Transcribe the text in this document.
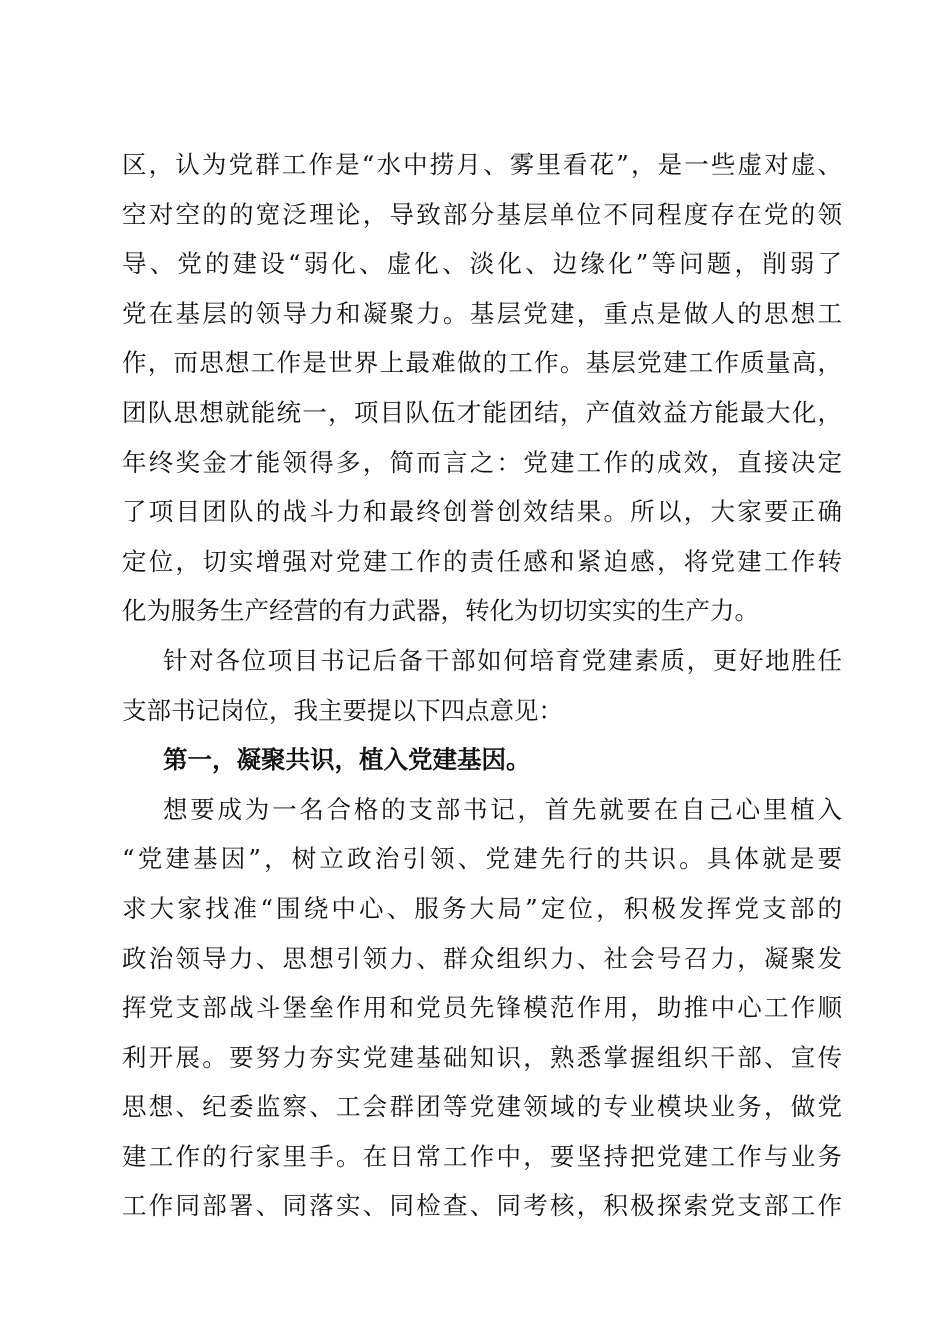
区，认为党群工作是“水中捞月、雾里看花”，是一些虚对虚、
空对空的的宽泛理论，导致部分基层单位不同程度存在党的领
导、党的建设“弱化、虚化、淡化、边缘化”等问题，削弱了
党在基层的领导力和凝聚力。基层党建，重点是做人的思想工
作，而思想工作是世界上最难做的工作。基层党建工作质量高，
团队思想就能统一，项目队伍才能团结，产值效益方能最大化，
年终奖金才能领得多，简而言之：党建工作的成效，直接决定
了项目团队的战斗力和最终创誉创效结果。所以，大家要正确
定位，切实增强对党建工作的责任感和紧迫感，将党建工作转
化为服务生产经营的有力武器，转化为切切实实的生产力。
针对各位项目书记后备干部如何培育党建素质，更好地胜任
支部书记岗位，我主要提以下四点意见：
第一，凝聚共识，植入党建基因。
想要成为一名合格的支部书记，首先就要在自己心里植入
“党建基因”，树立政治引领、党建先行的共识。具体就是要
求大家找准“围绕中心、服务大局”定位，积极发挥党支部的
政治领导力、思想引领力、群众组织力、社会号召力，凝聚发
挥党支部战斗堡垒作用和党员先锋模范作用，助推中心工作顺
利开展。要努力夯实党建基础知识，熟悉掌握组织干部、宣传
思想、纪委监察、工会群团等党建领域的专业模块业务，做党
建工作的行家里手。在日常工作中，要坚持把党建工作与业务
工作同部署、同落实、同检查、同考核，积极探索党支部工作
